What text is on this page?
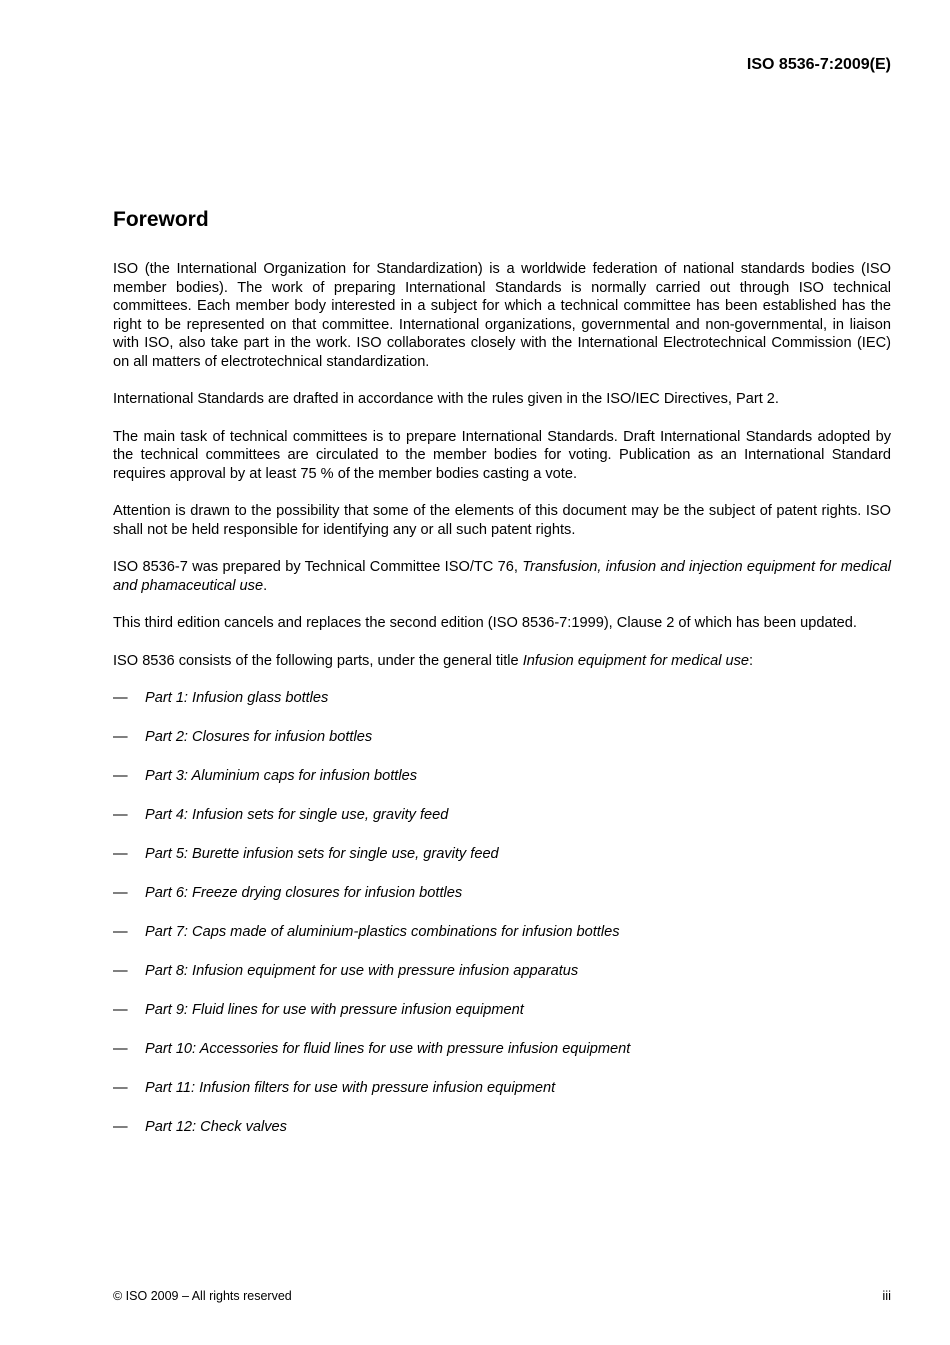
ISO 8536-7:2009(E)
Foreword

ISO (the International Organization for Standardization) is a worldwide federation of national standards bodies (ISO member bodies). The work of preparing International Standards is normally carried out through ISO technical committees. Each member body interested in a subject for which a technical committee has been established has the right to be represented on that committee. International organizations, governmental and non-governmental, in liaison with ISO, also take part in the work. ISO collaborates closely with the International Electrotechnical Commission (IEC) on all matters of electrotechnical standardization.

International Standards are drafted in accordance with the rules given in the ISO/IEC Directives, Part 2.

The main task of technical committees is to prepare International Standards. Draft International Standards adopted by the technical committees are circulated to the member bodies for voting. Publication as an International Standard requires approval by at least 75 % of the member bodies casting a vote.

Attention is drawn to the possibility that some of the elements of this document may be the subject of patent rights. ISO shall not be held responsible for identifying any or all such patent rights.

ISO 8536-7 was prepared by Technical Committee ISO/TC 76, Transfusion, infusion and injection equipment for medical and phamaceutical use.

This third edition cancels and replaces the second edition (ISO 8536-7:1999), Clause 2 of which has been updated.

ISO 8536 consists of the following parts, under the general title Infusion equipment for medical use:

—	Part 1: Infusion glass bottles
—	Part 2: Closures for infusion bottles
—	Part 3: Aluminium caps for infusion bottles
—	Part 4: Infusion sets for single use, gravity feed
—	Part 5: Burette infusion sets for single use, gravity feed
—	Part 6: Freeze drying closures for infusion bottles
—	Part 7: Caps made of aluminium-plastics combinations for infusion bottles
—	Part 8: Infusion equipment for use with pressure infusion apparatus
—	Part 9: Fluid lines for use with pressure infusion equipment
—	Part 10: Accessories for fluid lines for use with pressure infusion equipment
—	Part 11: Infusion filters for use with pressure infusion equipment
—	Part 12: Check valves
© ISO 2009 – All rights reserved	iii
